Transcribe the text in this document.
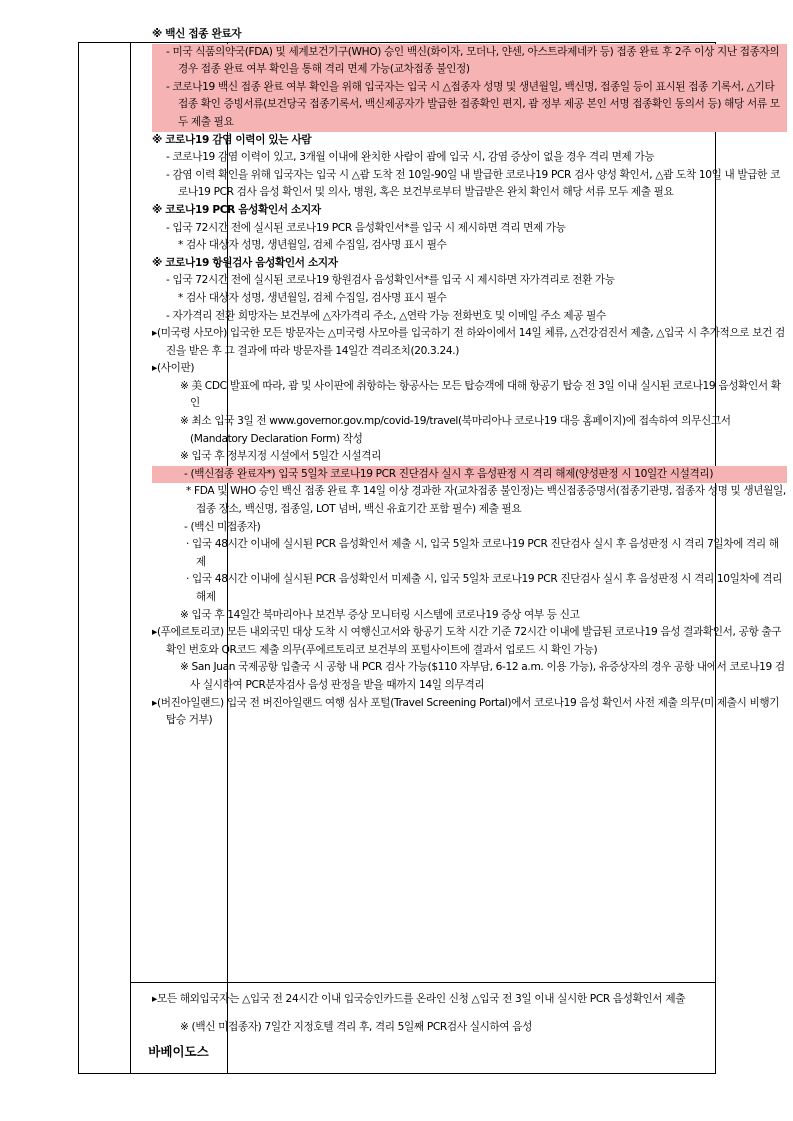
바베이도스

※ 백신 접종 완료자

- 미국 식품의약국(FDA) 및 세계보건기구(WHO) 승인 백신(화이자, 모더나, 얀센, 아스트라제네카 등) 접종 완료 후 2주 이상 지난 접종자의 경우 접종 완료 여부 확인을 통해 격리 면제 가능(교차접종 불인정)

- 코로나19 백신 접종 완료 여부 확인을 위해 입국자는 입국 시 △접종자 성명 및 생년월일, 백신명, 접종일 등이 표시된 접종 기록서, △기타 접종 확인 증빙서류(보건당국 접종기록서, 백신제공자가 발급한 접종확인 편지, 괌 정부 제공 본인 서명 접종확인 동의서 등) 해당 서류 모두 제출 필요

※ 코로나19 감염 이력이 있는 사람

- 코로나19 감염 이력이 있고, 3개월 이내에 완치한 사람이 괌에 입국 시, 감염 증상이 없을 경우 격리 면제 가능

- 감염 이력 확인을 위해 입국자는 입국 시 △괌 도착 전 10일-90일 내 발급한 코로나19 PCR 검사 양성 확인서, △괌 도착 10일 내 발급한 코로나19 PCR 검사 음성 확인서 및 의사, 병원, 혹은 보건부로부터 발급받은 완치 확인서 해당 서류 모두 제출 필요

※ 코로나19 PCR 음성확인서 소지자

- 입국 72시간 전에 실시된 코로나19 PCR 음성확인서*를 입국 시 제시하면 격리 면제 가능

* 검사 대상자 성명, 생년월일, 검체 수집일, 검사명 표시 필수

※ 코로나19 항원검사 음성확인서 소지자

- 입국 72시간 전에 실시된 코로나19 항원검사 음성확인서*를 입국 시 제시하면 자가격리로 전환 가능

* 검사 대상자 성명, 생년월일, 검체 수집일, 검사명 표시 필수

- 자가격리 전환 희망자는 보건부에 △자가격리 주소, △연락 가능 전화번호 및 이메일 주소 제공 필수

▸(미국령 사모아) 입국한 모든 방문자는 △미국령 사모아를 입국하기 전 하와이에서 14일 체류, △건강검진서 제출, △입국 시 추가적으로 보건 검진을 받은 후 그 결과에 따라 방문자를 14일간 격리조치(20.3.24.)

▸(사이판)

※ 美 CDC 발표에 따라, 괌 및 사이판에 취항하는 항공사는 모든 탑승객에 대해 항공기 탑승 전 3일 이내 실시된 코로나19 음성확인서 확인

※ 최소 입국 3일 전 www.governor.gov.mp/covid-19/travel(북마리아나 코로나19 대응 홈페이지)에 접속하여 의무신고서(Mandatory Declaration Form) 작성

※ 입국 후 정부지정 시설에서 5일간 시설격리

- (백신접종 완료자*) 입국 5일차 코로나19 PCR 진단검사 실시 후 음성판정 시 격리 해제(양성판정 시 10일간 시설격리)

* FDA 및 WHO 승인 백신 접종 완료 후 14일 이상 경과한 자(교차접종 불인정)는 백신접종증명서(접종기관명, 접종자 성명 및 생년월일, 접종 장소, 백신명, 접종일, LOT 넘버, 백신 유효기간 포함 필수) 제출 필요

- (백신 미접종자)

· 입국 48시간 이내에 실시된 PCR 음성확인서 제출 시, 입국 5일차 코로나19 PCR 진단검사 실시 후 음성판정 시 격리 7일차에 격리 해제

· 입국 48시간 이내에 실시된 PCR 음성확인서 미제출 시, 입국 5일차 코로나19 PCR 진단검사 실시 후 음성판정 시 격리 10일차에 격리 해제

※ 입국 후 14일간 북마리아나 보건부 증상 모니터링 시스템에 코로나19 증상 여부 등 신고

▸(푸에르토리코) 모든 내외국민 대상 도착 시 여행신고서와 항공기 도착 시간 기준 72시간 이내에 발급된 코로나19 음성 결과확인서, 공항 출구 확인 번호와 QR코드 제출 의무(푸에르토리코 보건부의 포털사이트에 결과서 업로드 시 확인 가능)

※ San Juan 국제공항 입출국 시 공항 내 PCR 검사 가능($110 자부담, 6-12 a.m. 이용 가능), 유증상자의 경우 공항 내에서 코로나19 검사 실시하여 PCR분자검사 음성 판정을 받을 때까지 14일 의무격리

▸(버진아일랜드) 입국 전 버진아일랜드 여행 심사 포털(Travel Screening Portal)에서 코로나19 음성 확인서 사전 제출 의무(미 제출시 비행기 탑승 거부)

▸모든 해외입국자는 △입국 전 24시간 이내 입국승인카드를 온라인 신청 △입국 전 3일 이내 실시한 PCR 음성확인서 제출

※ (백신 미접종자) 7일간 지정호텔 격리 후, 격리 5일째 PCR검사 실시하여 음성
